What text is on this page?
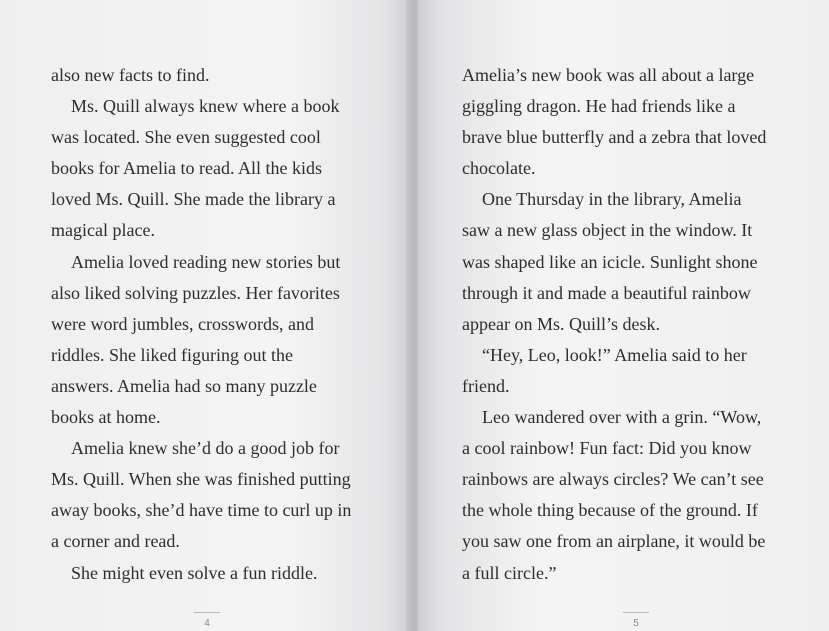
also new facts to find.
Ms. Quill always knew where a book
was located. She even suggested cool
books for Amelia to read. All the kids
loved Ms. Quill. She made the library a
magical place.
Amelia loved reading new stories but
also liked solving puzzles. Her favorites
were word jumbles, crosswords, and
riddles. She liked figuring out the
answers. Amelia had so many puzzle
books at home.
Amelia knew she’d do a good job for
Ms. Quill. When she was finished putting
away books, she’d have time to curl up in
a corner and read.
She might even solve a fun riddle.
4
Amelia’s new book was all about a large
giggling dragon. He had friends like a
brave blue butterfly and a zebra that loved
chocolate.
One Thursday in the library, Amelia
saw a new glass object in the window. It
was shaped like an icicle. Sunlight shone
through it and made a beautiful rainbow
appear on Ms. Quill’s desk.
“Hey, Leo, look!” Amelia said to her
friend.
Leo wandered over with a grin. “Wow,
a cool rainbow! Fun fact: Did you know
rainbows are always circles? We can’t see
the whole thing because of the ground. If
you saw one from an airplane, it would be
a full circle.”
5
